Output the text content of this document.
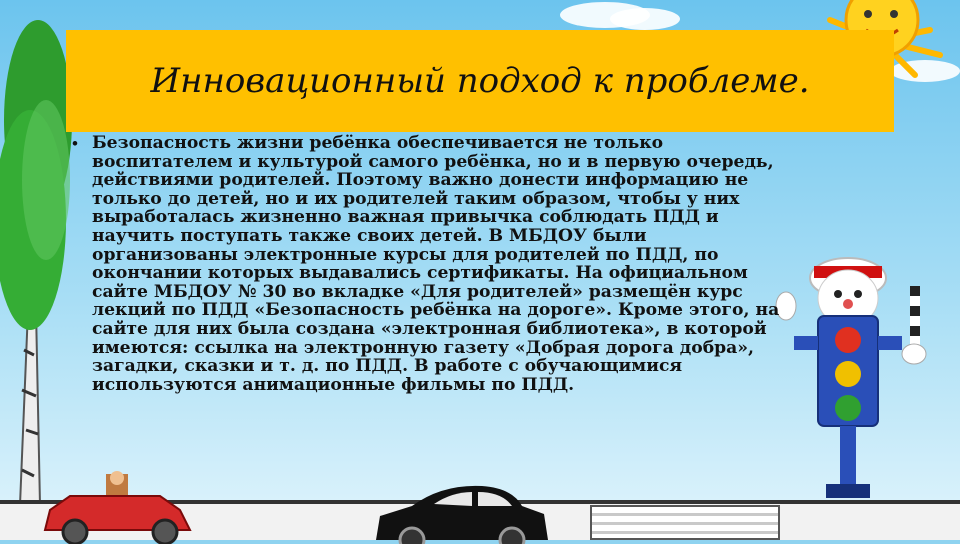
Инновационный подход к проблеме.
• Безопасность жизни ребёнка обеспечивается не только воспитателем и культурой самого ребёнка, но и в первую очередь, действиями родителей. Поэтому важно донести информацию не только до детей, но и их родителей таким образом, чтобы у них выработалась жизненно важная привычка соблюдать ПДД и научить поступать также своих детей. В МБДОУ были организованы электронные курсы для родителей по ПДД, по окончании которых выдавались сертификаты. На официальном сайте МБДОУ № 30 во вкладке «Для родителей» размещён курс лекций по ПДД «Безопасность ребёнка на дороге». Кроме этого, на сайте для них была создана «электронная библиотека», в которой имеются: ссылка на электронную газету «Добрая дорога добра», загадки, сказки и т. д. по ПДД. В работе с обучающимися используются анимационные фильмы по ПДД.
